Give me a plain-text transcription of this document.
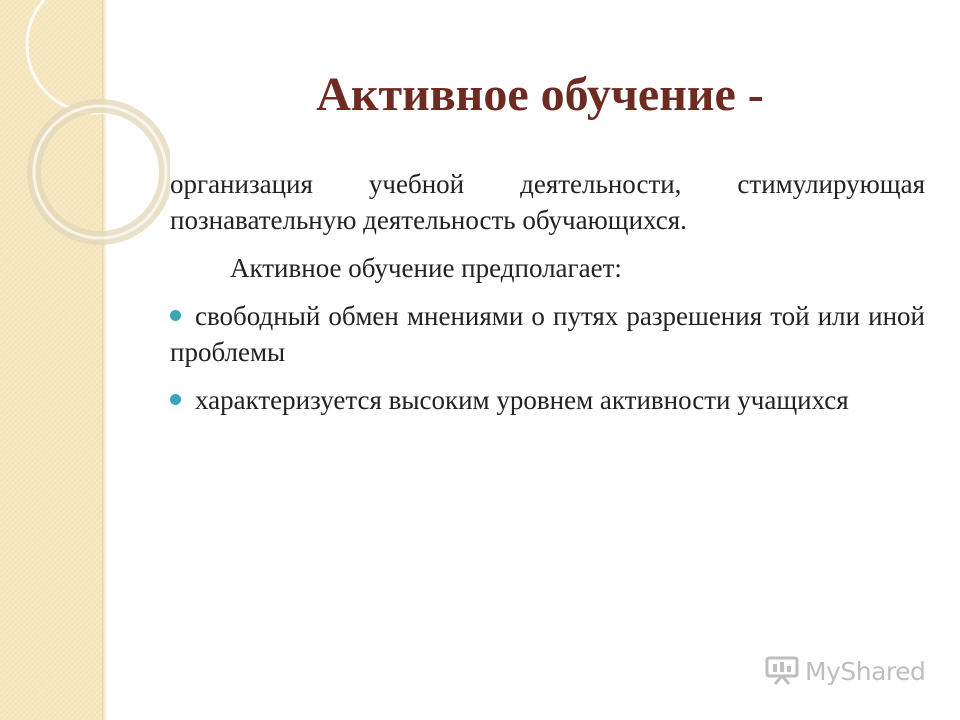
Активное обучение -

организация учебной деятельности, стимулирующая познавательную деятельность обучающихся.

Активное обучение предполагает:

свободный обмен мнениями о путях разрешения той или иной проблемы
характеризуется высоким уровнем активности учащихся
MyShared
